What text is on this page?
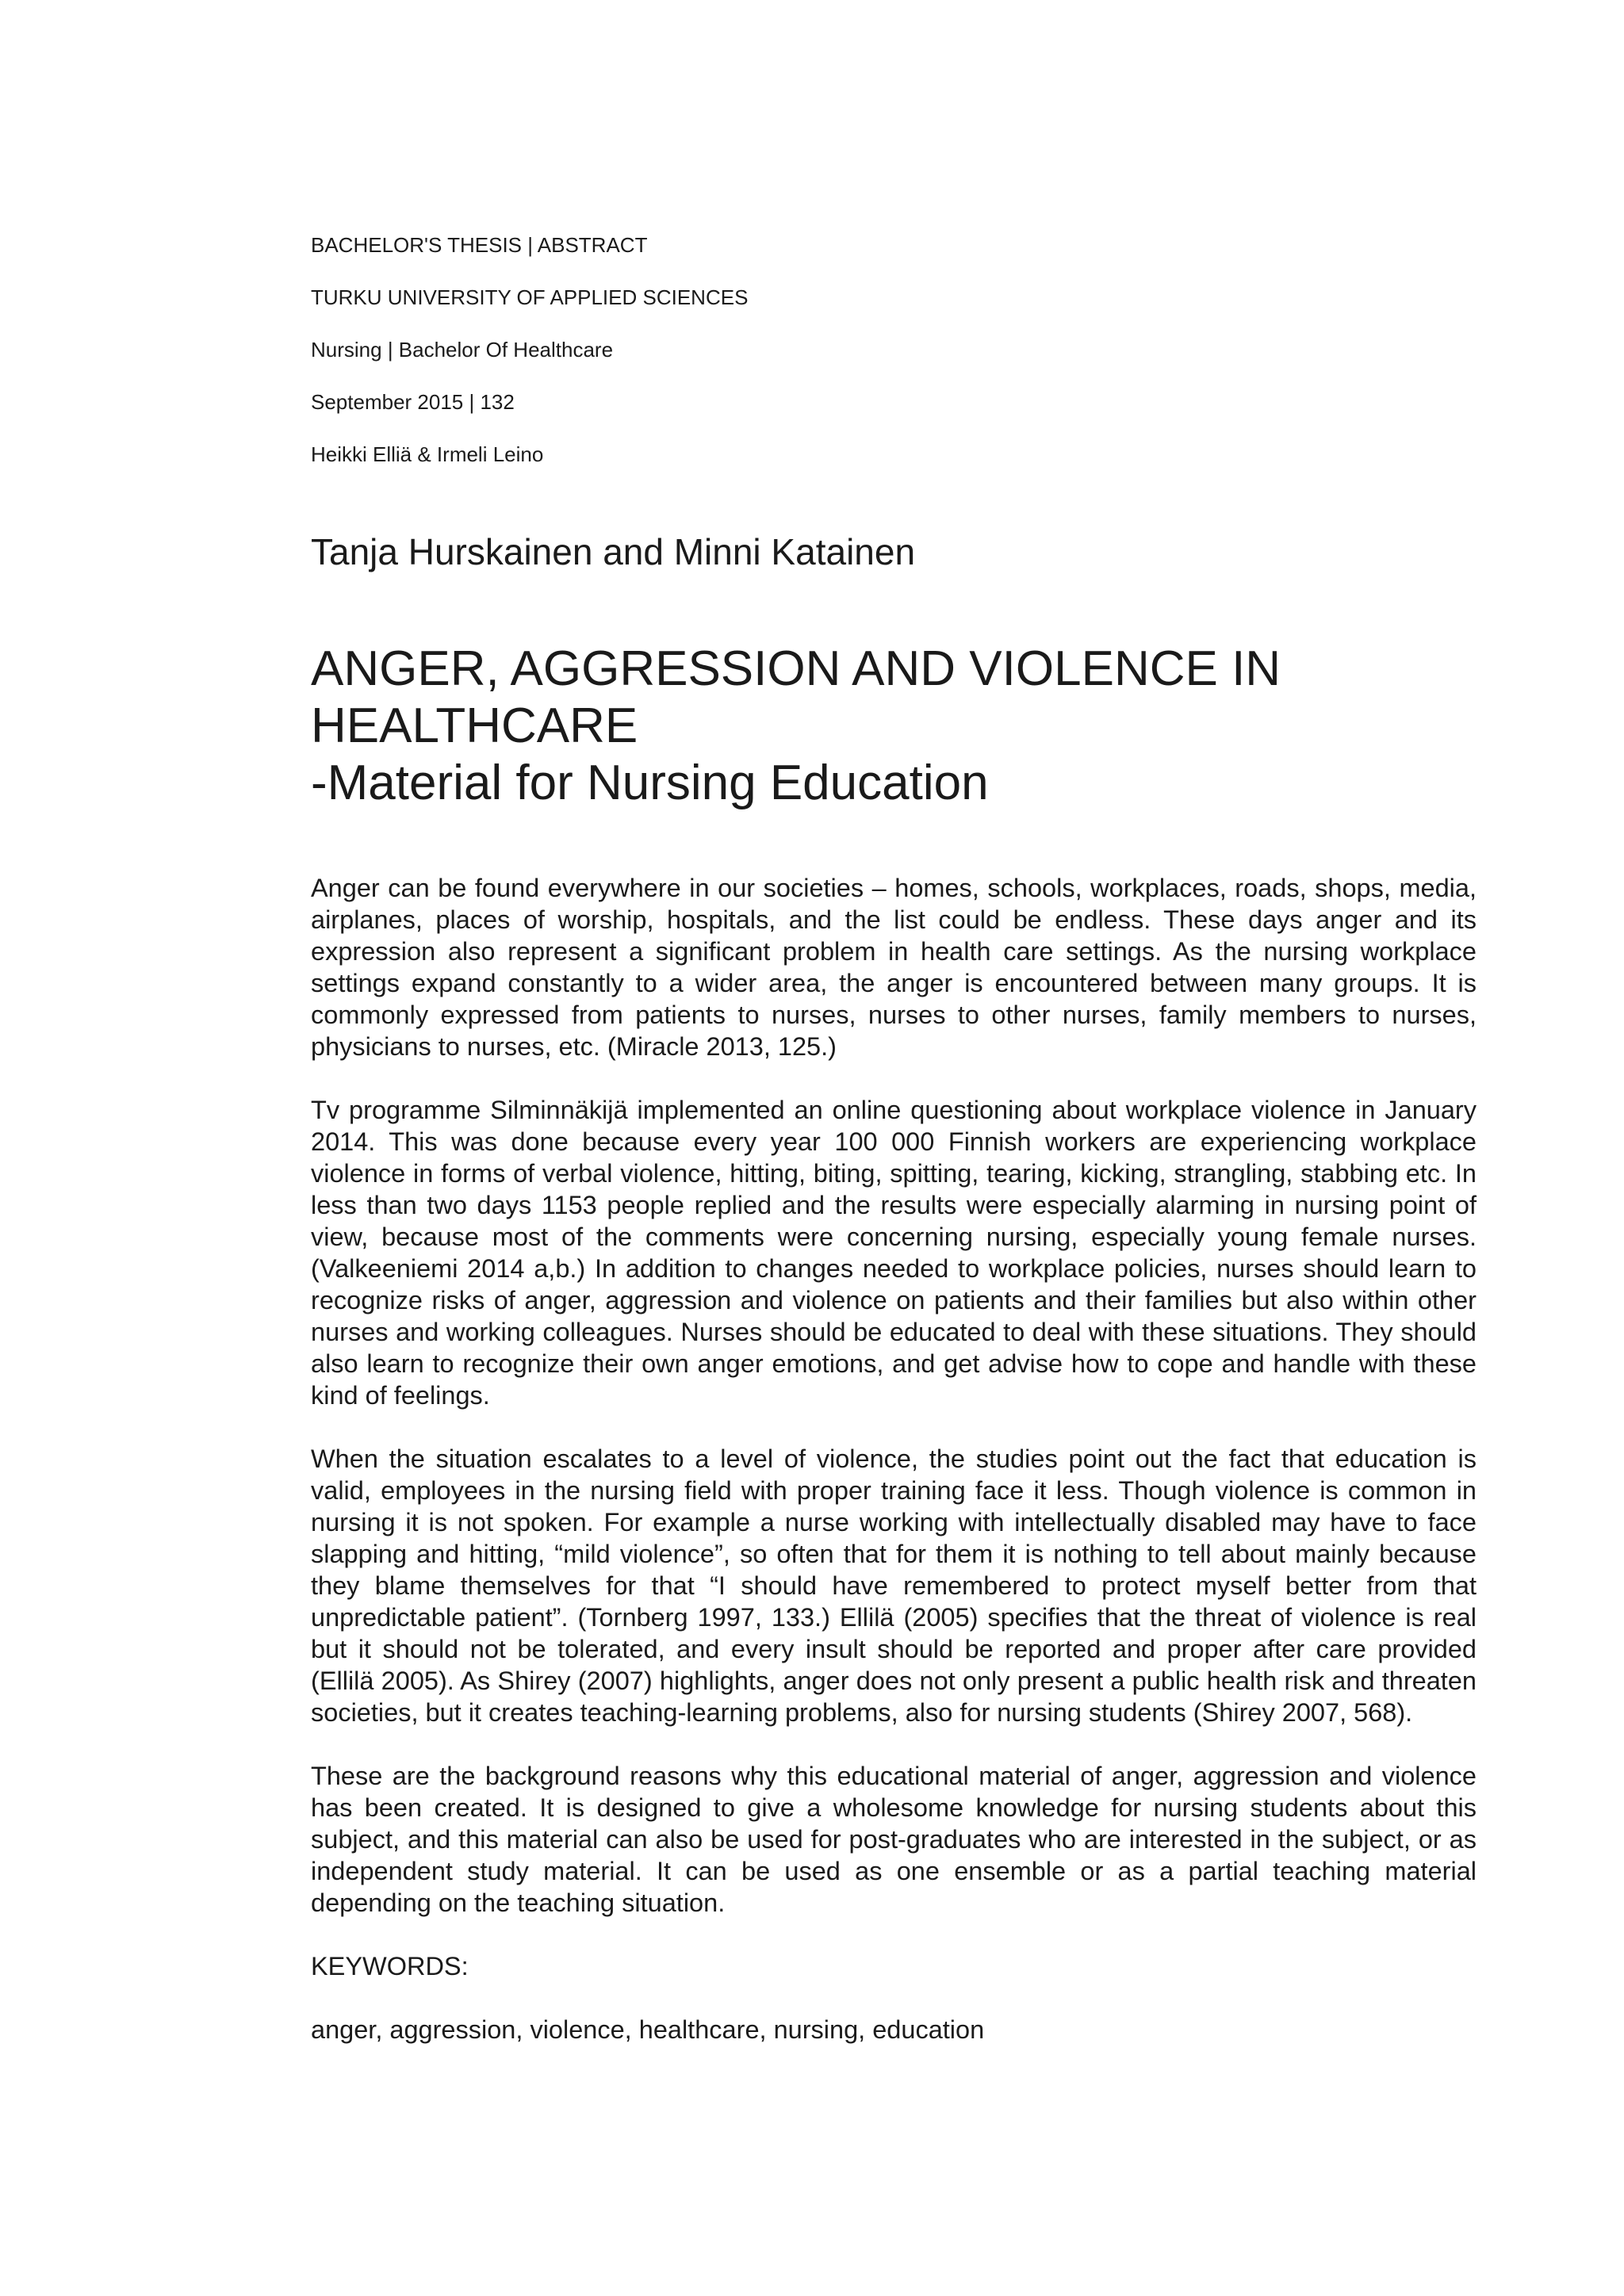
BACHELOR'S THESIS | ABSTRACT
TURKU UNIVERSITY OF APPLIED SCIENCES
Nursing | Bachelor Of Healthcare
September 2015 | 132
Heikki Elliä & Irmeli Leino
Tanja Hurskainen and Minni Katainen
ANGER, AGGRESSION AND VIOLENCE IN
HEALTHCARE
-Material for Nursing Education

Anger can be found everywhere in our societies – homes, schools, workplaces, roads, shops, media, airplanes, places of worship, hospitals, and the list could be endless. These days anger and its expression also represent a significant problem in health care settings. As the nursing workplace settings expand constantly to a wider area, the anger is encountered between many groups. It is commonly expressed from patients to nurses, nurses to other nurses, family members to nurses, physicians to nurses, etc. (Miracle 2013, 125.)

Tv programme Silminnäkijä implemented an online questioning about workplace violence in January 2014. This was done because every year 100 000 Finnish workers are experiencing workplace violence in forms of verbal violence, hitting, biting, spitting, tearing, kicking, strangling, stabbing etc. In less than two days 1153 people replied and the results were especially alarming in nursing point of view, because most of the comments were concerning nursing, especially young female nurses. (Valkeeniemi 2014 a,b.) In addition to changes needed to workplace policies, nurses should learn to recognize risks of anger, aggression and violence on patients and their families but also within other nurses and working colleagues. Nurses should be educated to deal with these situations. They should also learn to recognize their own anger emotions, and get advise how to cope and handle with these kind of feelings.

When the situation escalates to a level of violence, the studies point out the fact that education is valid, employees in the nursing field with proper training face it less. Though violence is common in nursing it is not spoken. For example a nurse working with intellectually disabled may have to face slapping and hitting, “mild violence”, so often that for them it is nothing to tell about mainly because they blame themselves for that “I should have remembered to protect myself better from that unpredictable patient”. (Tornberg 1997, 133.) Ellilä (2005) specifies that the threat of violence is real but it should not be tolerated, and every insult should be reported and proper after care provided (Ellilä 2005). As Shirey (2007) highlights, anger does not only present a public health risk and threaten societies, but it creates teaching-learning problems, also for nursing students (Shirey 2007, 568).

These are the background reasons why this educational material of anger, aggression and violence has been created. It is designed to give a wholesome knowledge for nursing students about this subject, and this material can also be used for post-graduates who are interested in the subject, or as independent study material. It can be used as one ensemble or as a partial teaching material depending on the teaching situation.

KEYWORDS:

anger, aggression, violence, healthcare, nursing, education
